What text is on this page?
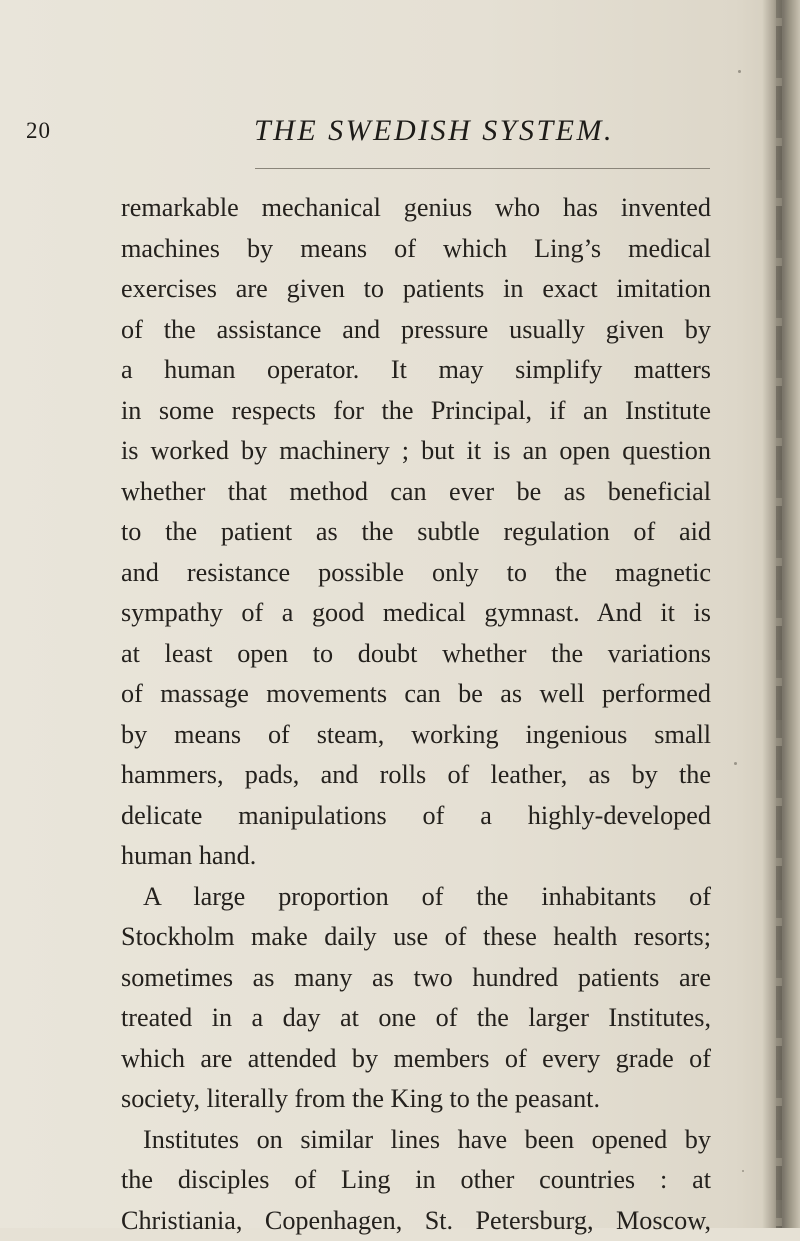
20	THE SWEDISH SYSTEM.
remarkable mechanical genius who has invented
machines by means of which Ling’s medical
exercises are given to patients in exact imitation
of the assistance and pressure usually given by
a human operator. It may simplify matters
in some respects for the Principal, if an Institute
is worked by machinery ; but it is an open question
whether that method can ever be as beneficial
to the patient as the subtle regulation of aid
and resistance possible only to the magnetic
sympathy of a good medical gymnast. And it is
at least open to doubt whether the variations
of massage movements can be as well performed
by means of steam, working ingenious small
hammers, pads, and rolls of leather, as by the
delicate manipulations of a highly-developed
human hand.
A large proportion of the inhabitants of
Stockholm make daily use of these health resorts;
sometimes as many as two hundred patients are
treated in a day at one of the larger Institutes,
which are attended by members of every grade of
society, literally from the King to the peasant.
Institutes on similar lines have been opened by
the disciples of Ling in other countries : at
Christiania, Copenhagen, St. Petersburg, Moscow,
